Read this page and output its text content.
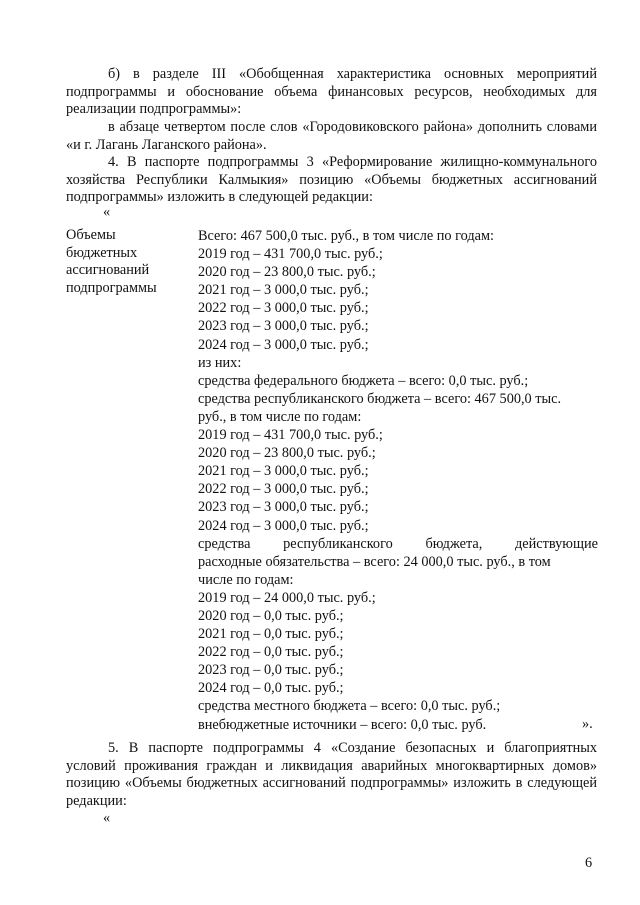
б) в разделе III «Обобщенная характеристика основных мероприятий подпрограммы и обоснование объема финансовых ресурсов, необходимых для реализации подпрограммы»:

в абзаце четвертом после слов «Городовиковского района» дополнить словами «и г. Лагань Лаганского района».

4. В паспорте подпрограммы 3 «Реформирование жилищно-коммунального хозяйства Республики Калмыкия» позицию «Объемы бюджетных ассигнований подпрограммы» изложить в следующей редакции:

«
Объемы
бюджетных
ассигнований
подпрограммы
Всего: 467 500,0 тыс. руб., в том числе по годам:
2019 год – 431 700,0 тыс. руб.;
2020 год – 23 800,0 тыс. руб.;
2021 год – 3 000,0 тыс. руб.;
2022 год – 3 000,0 тыс. руб.;
2023 год – 3 000,0 тыс. руб.;
2024 год – 3 000,0 тыс. руб.;
из них:
средства федерального бюджета – всего: 0,0 тыс. руб.;
средства республиканского бюджета – всего: 467 500,0 тыс.
руб., в том числе по годам:
2019 год – 431 700,0 тыс. руб.;
2020 год – 23 800,0 тыс. руб.;
2021 год – 3 000,0 тыс. руб.;
2022 год – 3 000,0 тыс. руб.;
2023 год – 3 000,0 тыс. руб.;
2024 год – 3 000,0 тыс. руб.;
средства республиканского бюджета, действующие
расходные обязательства – всего: 24 000,0 тыс. руб., в том
числе по годам:
2019 год – 24 000,0 тыс. руб.;
2020 год – 0,0 тыс. руб.;
2021 год – 0,0 тыс. руб.;
2022 год – 0,0 тыс. руб.;
2023 год – 0,0 тыс. руб.;
2024 год – 0,0 тыс. руб.;
средства местного бюджета – всего: 0,0 тыс. руб.;
внебюджетные источники – всего: 0,0 тыс. руб.	».

5. В паспорте подпрограммы 4 «Создание безопасных и благоприятных условий проживания граждан и ликвидация аварийных многоквартирных домов» позицию «Объемы бюджетных ассигнований подпрограммы» изложить в следующей редакции:

«
6
